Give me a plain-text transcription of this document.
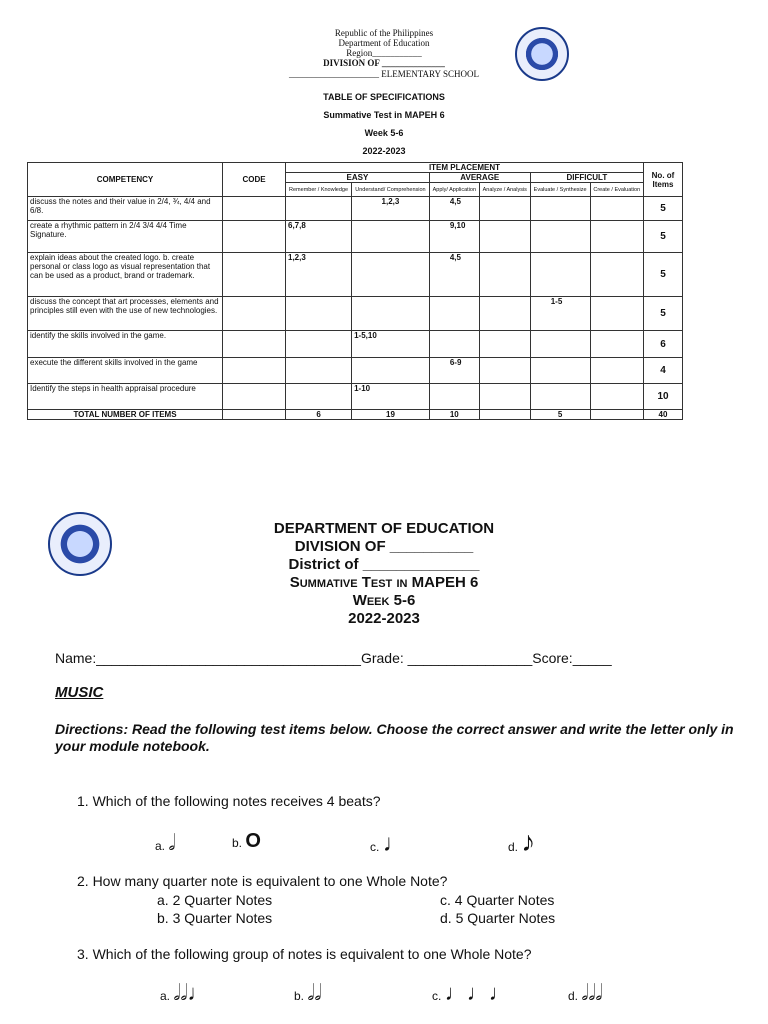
Republic of the Philippines
Department of Education
Region___________
DIVISION OF ______________
____________________ ELEMENTARY SCHOOL
TABLE OF SPECIFICATIONS
Summative Test in MAPEH 6
Week 5-6
2022-2023
COMPETENCY	CODE	ITEM PLACEMENT						No. of Items
		EASY		AVERAGE		DIFFICULT		
		Remember / Knowledge	Understand/ Comprehension	Apply/ Application	Analyze / Analysis	Evaluate / Synthesize	Create / Evaluation	
discuss the notes and their value in 2/4, ¾, 4/4 and 6/8.			1,2,3	4,5				5
create a rhythmic pattern in 2/4 3/4 4/4 Time Signature.		6,7,8		9,10				5
explain ideas about the created logo. b. create personal or class logo as visual representation that can be used as a product, brand or trademark.		1,2,3		4,5				5
discuss the concept that art processes, elements and principles still even with the use of new technologies.						1-5		5
identify the skills involved in the game.			1-5,10					6
execute the different skills involved in the game				6-9				4
Identify the steps in health appraisal procedure			1-10					10
TOTAL NUMBER OF ITEMS		6	19	10		5		40
DEPARTMENT OF EDUCATION
DIVISION OF __________
District of ______________
Summative Test in MAPEH 6
Week 5-6
2022-2023
Name:__________________________________Grade: ________________Score:_____
MUSIC
Directions: Read the following test items below. Choose the correct answer and write the letter only in your module notebook.
1. Which of the following notes receives 4 beats?
a. 𝅗𝅥	b. O	c. ♩	d. ♪
2. How many quarter note is equivalent to one Whole Note?
a. 2 Quarter Notes
b. 3 Quarter Notes
c. 4 Quarter Notes
d. 5 Quarter Notes
3. Which of the following group of notes is equivalent to one Whole Note?
a. 𝅗𝅥𝅗𝅥♩	b. 𝅗𝅥𝅗𝅥	c. ♩♩♩	d. 𝅗𝅥𝅗𝅥𝅗𝅥
